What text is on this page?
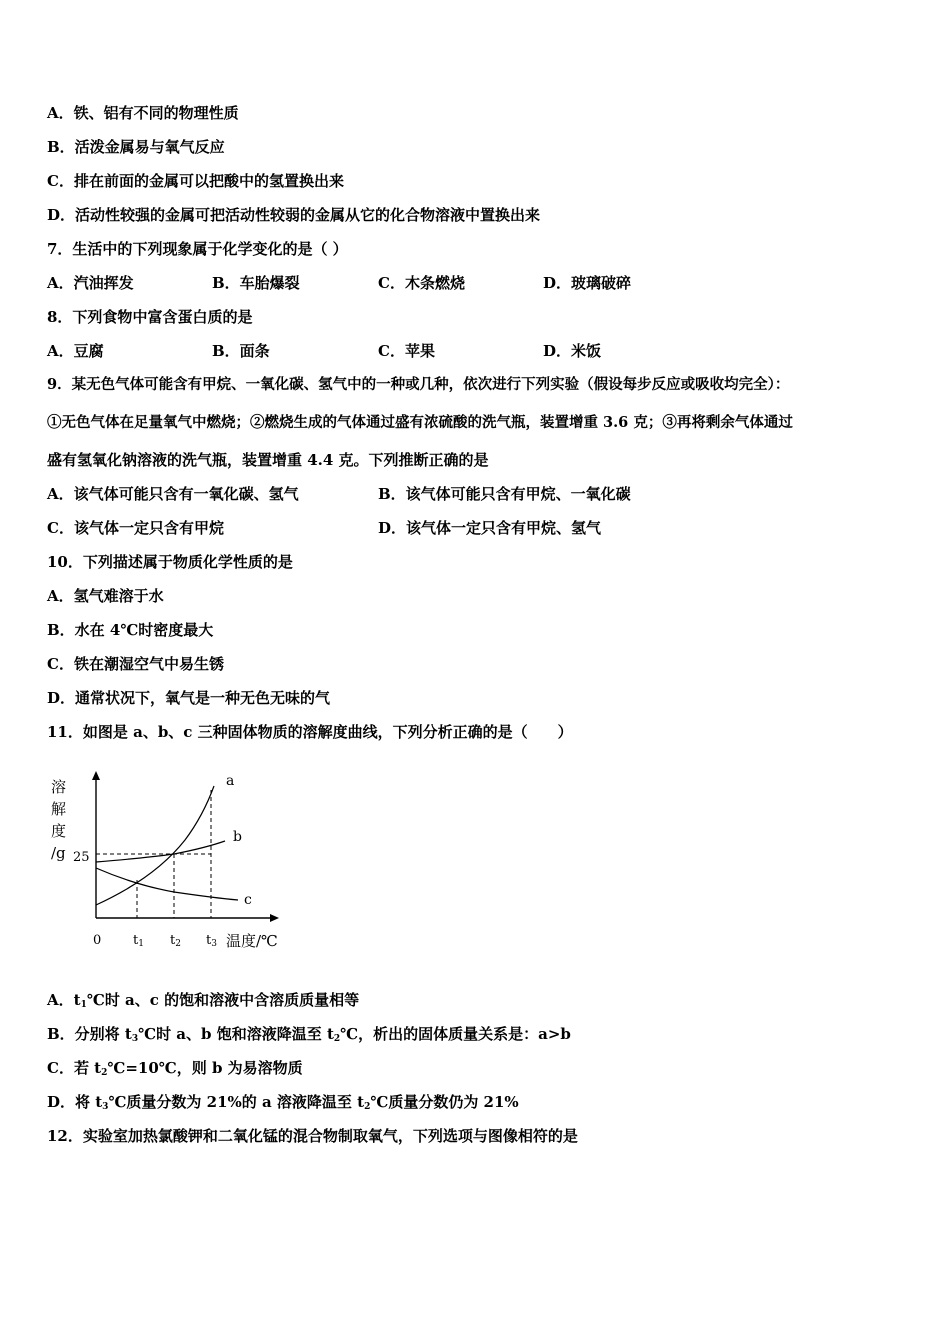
A．铁、铝有不同的物理性质
B．活泼金属易与氧气反应
C．排在前面的金属可以把酸中的氢置换出来
D．活动性较强的金属可把活动性较弱的金属从它的化合物溶液中置换出来
7．生活中的下列现象属于化学变化的是（ ）
A．汽油挥发	B．车胎爆裂	C．木条燃烧	D．玻璃破碎
8．下列食物中富含蛋白质的是
A．豆腐	B．面条	C．苹果	D．米饭
9．某无色气体可能含有甲烷、一氧化碳、氢气中的一种或几种，依次进行下列实验（假设每步反应或吸收均完全）：
①无色气体在足量氧气中燃烧；②燃烧生成的气体通过盛有浓硫酸的洗气瓶，装置增重 3.6 克；③再将剩余气体通过
盛有氢氧化钠溶液的洗气瓶，装置增重 4.4 克。下列推断正确的是
A．该气体可能只含有一氧化碳、氢气	B．该气体可能只含有甲烷、一氧化碳
C．该气体一定只含有甲烷	D．该气体一定只含有甲烷、氢气
10．下列描述属于物质化学性质的是
A．氢气难溶于水
B．水在 4℃时密度最大
C．铁在潮湿空气中易生锈
D．通常状况下，氧气是一种无色无味的气
11．如图是 a、b、c 三种固体物质的溶解度曲线，下列分析正确的是（　　）
溶
解
度
/g 25
a
b
c
0 t1 t2 t3 温度/℃
A．$t_1℃$时 a、c 的饱和溶液中含溶质质量相等
B．分别将 $t_3℃$时 a、b 饱和溶液降温至 $t_2℃$，析出的固体质量关系是：a>b
C．若 $t_2℃=10℃$，则 b 为易溶物质
D．将 $t_3℃$质量分数为 21%的 a 溶液降温至 $t_2℃$质量分数仍为 21%
12．实验室加热氯酸钾和二氧化锰的混合物制取氧气，下列选项与图像相符的是
